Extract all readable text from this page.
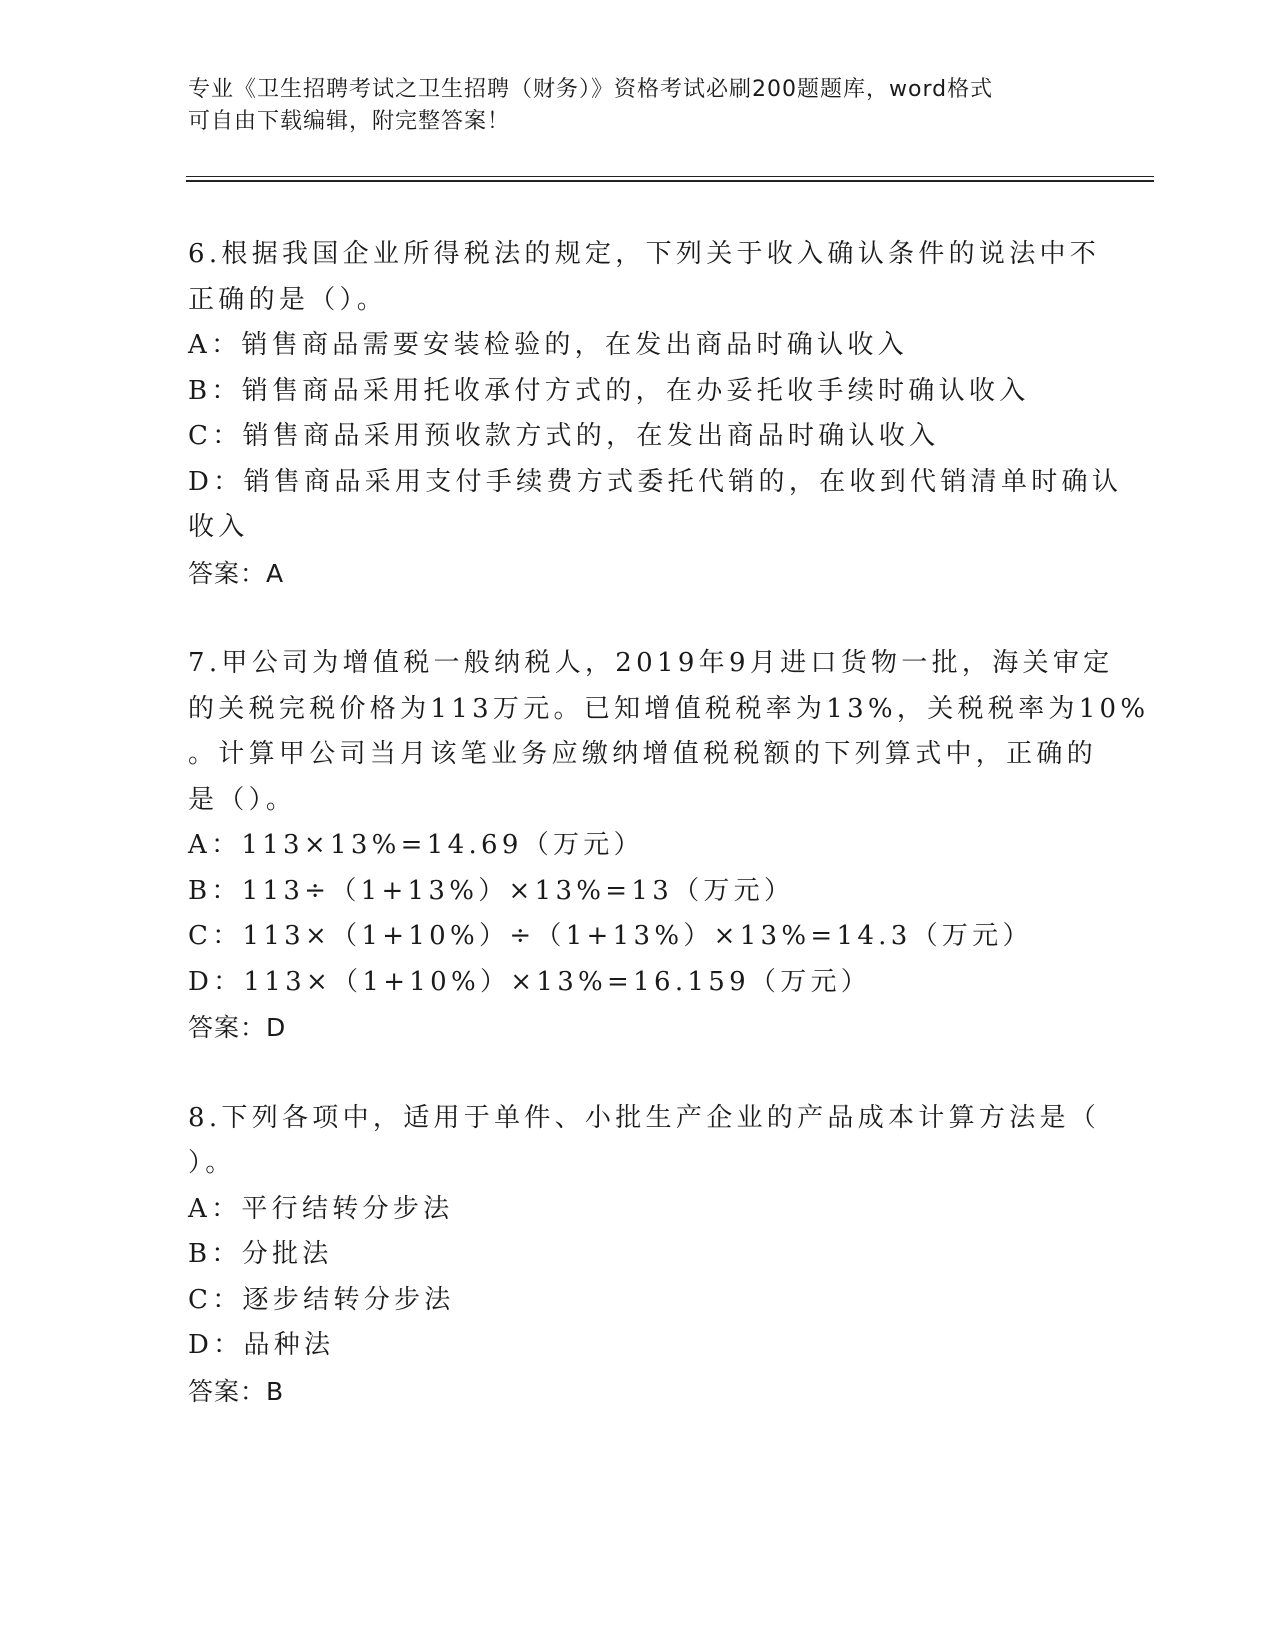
专业《卫生招聘考试之卫生招聘（财务）》资格考试必刷200题题库，word格式
可自由下载编辑，附完整答案！
6.根据我国企业所得税法的规定，下列关于收入确认条件的说法中不
正确的是（）。
A：销售商品需要安装检验的，在发出商品时确认收入
B：销售商品采用托收承付方式的，在办妥托收手续时确认收入
C：销售商品采用预收款方式的，在发出商品时确认收入
D：销售商品采用支付手续费方式委托代销的，在收到代销清单时确认
收入
答案：A
7.甲公司为增值税一般纳税人，2019年9月进口货物一批，海关审定
的关税完税价格为113万元。已知增值税税率为13%，关税税率为10%
。计算甲公司当月该笔业务应缴纳增值税税额的下列算式中，正确的
是（）。
A：113×13%=14.69（万元）
B：113÷（1+13%）×13%=13（万元）
C：113×（1+10%）÷（1+13%）×13%=14.3（万元）
D：113×（1+10%）×13%=16.159（万元）
答案：D
8.下列各项中，适用于单件、小批生产企业的产品成本计算方法是（
）。
A：平行结转分步法
B：分批法
C：逐步结转分步法
D：品种法
答案：B
